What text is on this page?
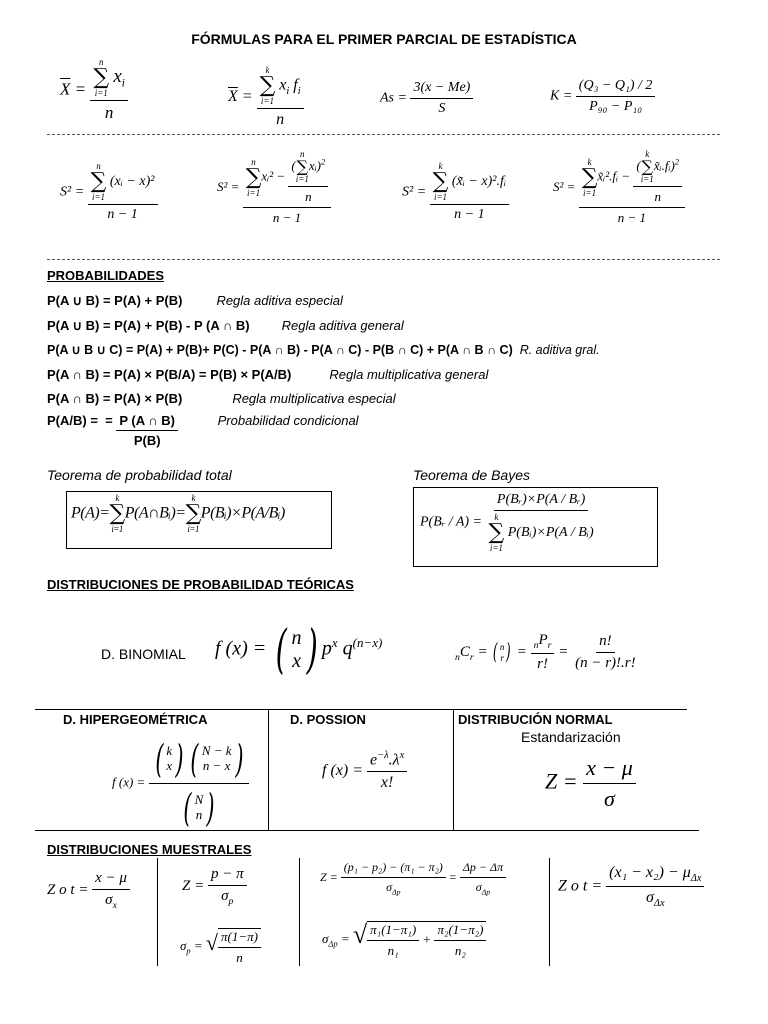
FÓRMULAS PARA EL PRIMER PARCIAL DE ESTADÍSTICA
$\overline{X} = n$
∑
i=1
$x_i$
n	$\overline{X} = k$
∑
i=1
$x_i$ $f_i$
n	$As = \frac{3(x - Me)}{S}$	$K = \frac{\text{(Q₃ − Q₁) / 2}}{\text{P₉₀ − P₁₀}}$
S² = n
∑
i=1
(xᵢ − x)²
n − 1	S² = n
∑
i=1
xᵢ² − (
n
∑
i=1
xᵢ)$^2$
n
n − 1	S² = k
∑
i=1
(x̃ᵢ − x)².fᵢ
n − 1	S² = k
∑
i=1
x̃ᵢ².fᵢ − (
k
∑
i=1
x̃ᵢ.fᵢ)$^2$
n
n − 1
PROBABILIDADES
P(A ∪ B) = P(A) + P(B)	Regla aditiva especial
P(A ∪ B) = P(A) + P(B) - P (A ∩ B) Regla aditiva general
P(A ∪ B ∪ C) = P(A) + P(B)+ P(C) - P(A ∩ B) - P(A ∩ C) - P(B ∩ C) + P(A ∩ B ∩ C) R. aditiva gral.
P(A ∩ B) = P(A) × P(B/A) = P(B) × P(A/B)	Regla multiplicativa general
P(A ∩ B) = P(A) × P(B)	Regla multiplicativa especial
P(A/B) = = $\frac{P (A \cap B)}{P(B)}$	Probabilidad condicional
Teorema de probabilidad total
P(A)=
k
∑
i=1
P(A∩Bᵢ)=
k
∑
i=1
P(Bᵢ)×P(A/Bᵢ)
Teorema de Bayes
P(Bᵣ / A) = P(Bᵣ)×P(A / Bᵣ)
k
∑
i=1
P(Bᵢ)×P(A / Bᵢ)
DISTRIBUCIONES DE PROBABILIDAD TEÓRICAS
D. BINOMIAL f (x) = ( n
x ) $p^x$ $q^{(n-x)}$
$_nC_r$ = ( n
r ) = $\frac{_nP_r}{r!} = \frac{n!}{(n - r)!.r!}$
D. HIPERGEOMÉTRICA
f (x) = ( k
x ) ( N − k
n − x )
( N
n )
D. POSSION
f $(x) = \frac{e^{-\lambda}.\lambda^x}{x!}$
DISTRIBUCIÓN NORMAL
Estandarización
$Z = \frac{x - \mu}{\sigma}$
DISTRIBUCIONES MUESTRALES
Z o $t = \frac{x - \mu}{\sigma_x}$	$Z = \frac{p - \pi}{\sigma_p}$
$\sigma_p$ = √ $\frac{\pi(1-\pi)}{n}$
$Z = \frac{\text{(p₁ − p₂) − (π₁ − π₂)}}{\sigma_{\Delta p}} = \frac{\Delta p - \Delta\pi}{\sigma_{\Delta p}}$
$\sigma_{\Delta p}$ = √ $\frac{\text{π₁(1−π₁)}}{\text{n₁}} + \frac{\text{π₂(1−π₂)}}{\text{n₂}}$
Z o $t = \frac{(x_1 - x_2) - \mu_{\Delta x}}{\sigma_{\Delta x}}$
